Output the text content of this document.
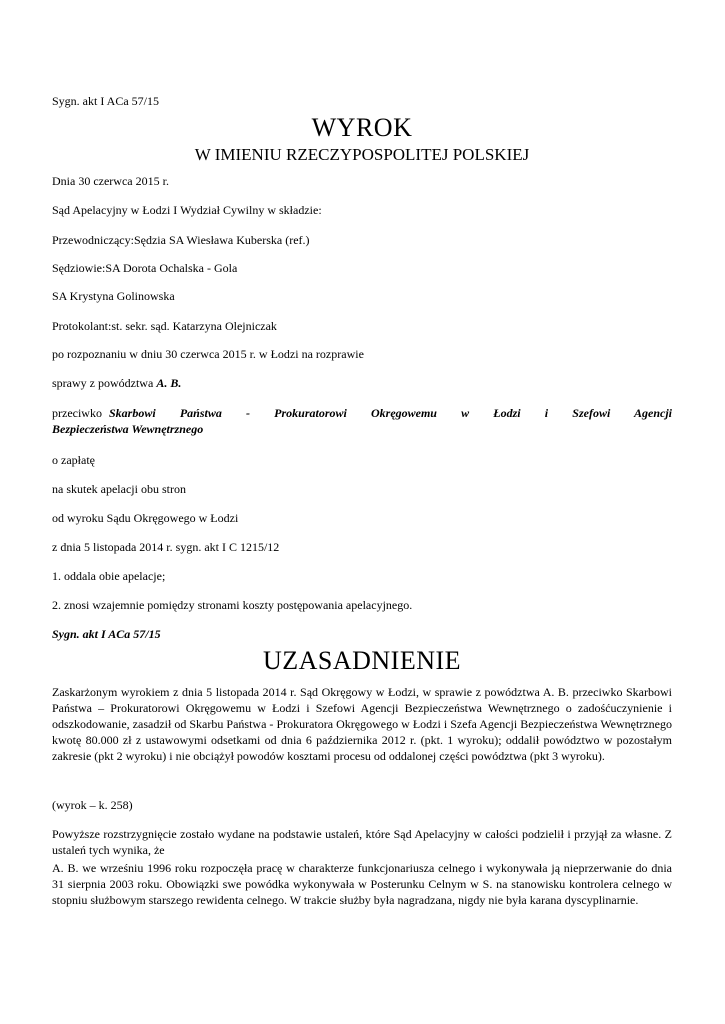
Sygn. akt I ACa 57/15
WYROK
W IMIENIU RZECZYPOSPOLITEJ POLSKIEJ
Dnia 30 czerwca 2015 r.
Sąd Apelacyjny w Łodzi I Wydział Cywilny w składzie:
Przewodniczący:Sędzia SA Wiesława Kuberska (ref.)
Sędziowie:SA Dorota Ochalska - Gola
SA Krystyna Golinowska
Protokolant:st. sekr. sąd. Katarzyna Olejniczak
po rozpoznaniu w dniu 30 czerwca 2015 r. w Łodzi na rozprawie
sprawy z powództwa A. B.
przeciwko Skarbowi Państwa - Prokuratorowi Okręgowemu w Łodzi i Szefowi Agencji
Bezpieczeństwa Wewnętrznego
o zapłatę
na skutek apelacji obu stron
od wyroku Sądu Okręgowego w Łodzi
z dnia 5 listopada 2014 r. sygn. akt I C 1215/12
1. oddala obie apelacje;
2. znosi wzajemnie pomiędzy stronami koszty postępowania apelacyjnego.
Sygn. akt I ACa 57/15
UZASADNIENIE
Zaskarżonym wyrokiem z dnia 5 listopada 2014 r. Sąd Okręgowy w Łodzi, w sprawie z powództwa A. B. przeciwko Skarbowi Państwa – Prokuratorowi Okręgowemu w Łodzi i Szefowi Agencji Bezpieczeństwa Wewnętrznego o zadośćuczynienie i odszkodowanie, zasadził od Skarbu Państwa - Prokuratora Okręgowego w Łodzi i Szefa Agencji Bezpieczeństwa Wewnętrznego kwotę 80.000 zł z ustawowymi odsetkami od dnia 6 października 2012 r. (pkt. 1 wyroku); oddalił powództwo w pozostałym zakresie (pkt 2 wyroku) i nie obciążył powodów kosztami procesu od oddalonej części powództwa (pkt 3 wyroku).
(wyrok – k. 258)
Powyższe rozstrzygnięcie zostało wydane na podstawie ustaleń, które Sąd Apelacyjny w całości podzielił i przyjął za własne. Z ustaleń tych wynika, że
A. B. we wrześniu 1996 roku rozpoczęła pracę w charakterze funkcjonariusza celnego i wykonywała ją nieprzerwanie do dnia 31 sierpnia 2003 roku. Obowiązki swe powódka wykonywała w Posterunku Celnym w S. na stanowisku kontrolera celnego w stopniu służbowym starszego rewidenta celnego. W trakcie służby była nagradzana, nigdy nie była karana dyscyplinarnie.
